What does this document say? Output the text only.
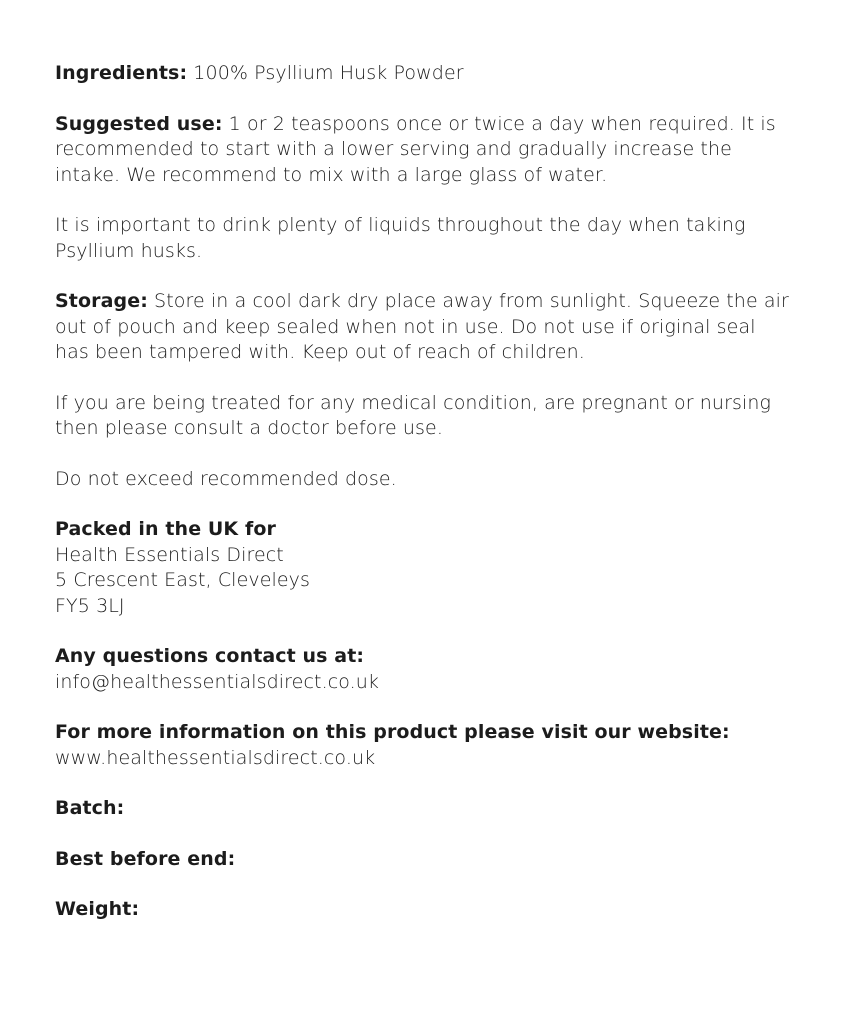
Ingredients: 100% Psyllium Husk Powder

Suggested use: 1 or 2 teaspoons once or twice a day when required. It is recommended to start with a lower serving and gradually increase the intake. We recommend to mix with a large glass of water.

It is important to drink plenty of liquids throughout the day when taking Psyllium husks.

Storage: Store in a cool dark dry place away from sunlight. Squeeze the air out of pouch and keep sealed when not in use. Do not use if original seal has been tampered with. Keep out of reach of children.

If you are being treated for any medical condition, are pregnant or nursing then please consult a doctor before use.

Do not exceed recommended dose.

Packed in the UK for
Health Essentials Direct
5 Crescent East, Cleveleys
FY5 3LJ

Any questions contact us at:
info@healthessentialsdirect.co.uk

For more information on this product please visit our website:
www.healthessentialsdirect.co.uk

Batch:

Best before end:

Weight:
